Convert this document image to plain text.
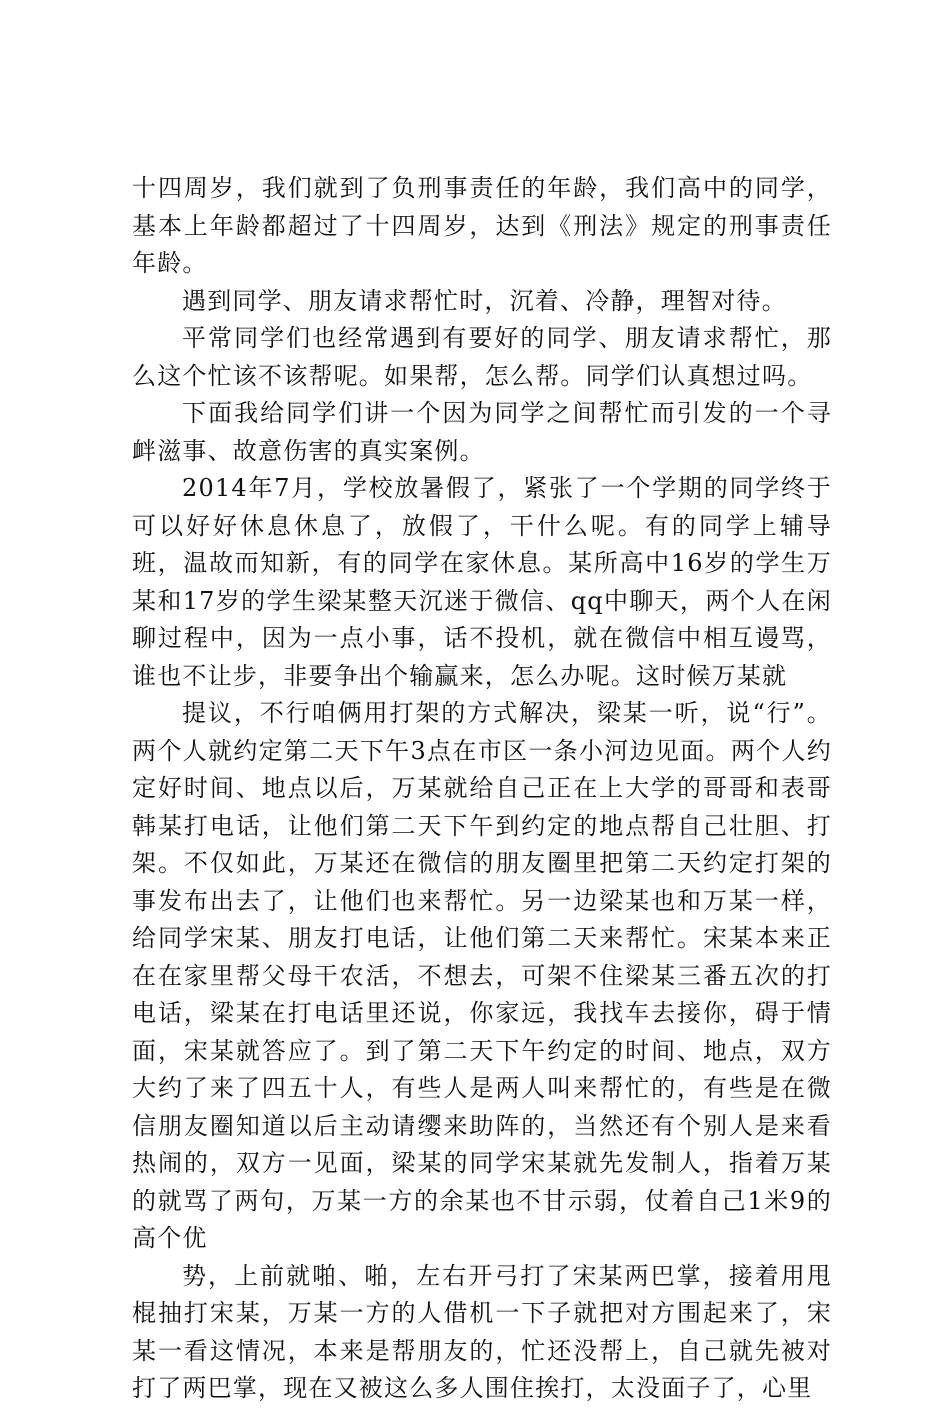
十四周岁，我们就到了负刑事责任的年龄，我们高中的同学，基本上年龄都超过了十四周岁，达到《刑法》规定的刑事责任年龄。

遇到同学、朋友请求帮忙时，沉着、冷静，理智对待。

平常同学们也经常遇到有要好的同学、朋友请求帮忙，那么这个忙该不该帮呢。如果帮，怎么帮。同学们认真想过吗。

下面我给同学们讲一个因为同学之间帮忙而引发的一个寻衅滋事、故意伤害的真实案例。

2014年7月，学校放暑假了，紧张了一个学期的同学终于可以好好休息休息了，放假了，干什么呢。有的同学上辅导班，温故而知新，有的同学在家休息。某所高中16岁的学生万某和17岁的学生梁某整天沉迷于微信、qq中聊天，两个人在闲聊过程中，因为一点小事，话不投机，就在微信中相互谩骂，谁也不让步，非要争出个输赢来，怎么办呢。这时候万某就

提议，不行咱俩用打架的方式解决，梁某一听，说“行”。两个人就约定第二天下午3点在市区一条小河边见面。两个人约定好时间、地点以后，万某就给自己正在上大学的哥哥和表哥韩某打电话，让他们第二天下午到约定的地点帮自己壮胆、打架。不仅如此，万某还在微信的朋友圈里把第二天约定打架的事发布出去了，让他们也来帮忙。另一边梁某也和万某一样，给同学宋某、朋友打电话，让他们第二天来帮忙。宋某本来正在在家里帮父母干农活，不想去，可架不住梁某三番五次的打电话，梁某在打电话里还说，你家远，我找车去接你，碍于情面，宋某就答应了。到了第二天下午约定的时间、地点，双方大约了来了四五十人，有些人是两人叫来帮忙的，有些是在微信朋友圈知道以后主动请缨来助阵的，当然还有个别人是来看热闹的，双方一见面，梁某的同学宋某就先发制人，指着万某的就骂了两句，万某一方的余某也不甘示弱，仗着自己1米9的高个优

势，上前就啪、啪，左右开弓打了宋某两巴掌，接着用甩棍抽打宋某，万某一方的人借机一下子就把对方围起来了，宋某一看这情况，本来是帮朋友的，忙还没帮上，自己就先被对打了两巴掌，现在又被这么多人围住挨打，太没面子了，心里
